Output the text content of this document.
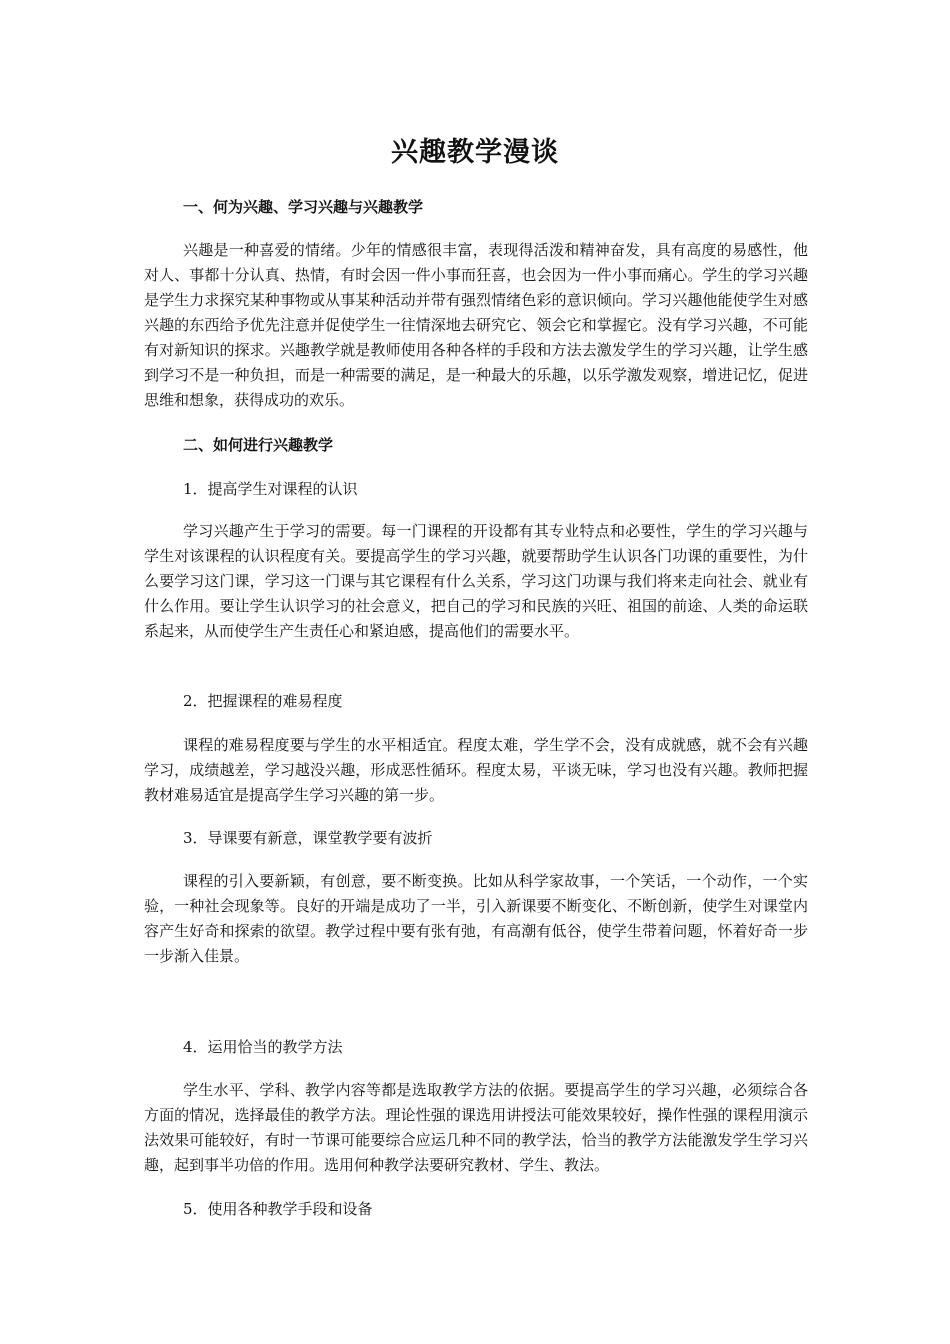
兴趣教学漫谈
一、何为兴趣、学习兴趣与兴趣教学
兴趣是一种喜爱的情绪。少年的情感很丰富，表现得活泼和精神奋发，具有高度的易感性，他对人、事都十分认真、热情，有时会因一件小事而狂喜，也会因为一件小事而痛心。学生的学习兴趣是学生力求探究某种事物或从事某种活动并带有强烈情绪色彩的意识倾向。学习兴趣他能使学生对感兴趣的东西给予优先注意并促使学生一往情深地去研究它、领会它和掌握它。没有学习兴趣，不可能有对新知识的探求。兴趣教学就是教师使用各种各样的手段和方法去激发学生的学习兴趣，让学生感到学习不是一种负担，而是一种需要的满足，是一种最大的乐趣，以乐学激发观察，增进记忆，促进思维和想象，获得成功的欢乐。
二、如何进行兴趣教学
1．提高学生对课程的认识
学习兴趣产生于学习的需要。每一门课程的开设都有其专业特点和必要性，学生的学习兴趣与学生对该课程的认识程度有关。要提高学生的学习兴趣，就要帮助学生认识各门功课的重要性，为什么要学习这门课，学习这一门课与其它课程有什么关系，学习这门功课与我们将来走向社会、就业有什么作用。要让学生认识学习的社会意义，把自己的学习和民族的兴旺、祖国的前途、人类的命运联系起来，从而使学生产生责任心和紧迫感，提高他们的需要水平。
2．把握课程的难易程度
课程的难易程度要与学生的水平相适宜。程度太难，学生学不会，没有成就感，就不会有兴趣学习，成绩越差，学习越没兴趣，形成恶性循环。程度太易，平谈无味，学习也没有兴趣。教师把握教材难易适宜是提高学生学习兴趣的第一步。
3．导课要有新意，课堂教学要有波折
课程的引入要新颖，有创意，要不断变换。比如从科学家故事，一个笑话，一个动作，一个实验，一种社会现象等。良好的开端是成功了一半，引入新课要不断变化、不断创新，使学生对课堂内容产生好奇和探索的欲望。教学过程中要有张有弛，有高潮有低谷，使学生带着问题，怀着好奇一步一步渐入佳景。
4．运用恰当的教学方法
学生水平、学科、教学内容等都是选取教学方法的依据。要提高学生的学习兴趣，必须综合各方面的情况，选择最佳的教学方法。理论性强的课选用讲授法可能效果较好，操作性强的课程用演示法效果可能较好，有时一节课可能要综合应运几种不同的教学法，恰当的教学方法能激发学生学习兴趣，起到事半功倍的作用。选用何种教学法要研究教材、学生、教法。
5．使用各种教学手段和设备
